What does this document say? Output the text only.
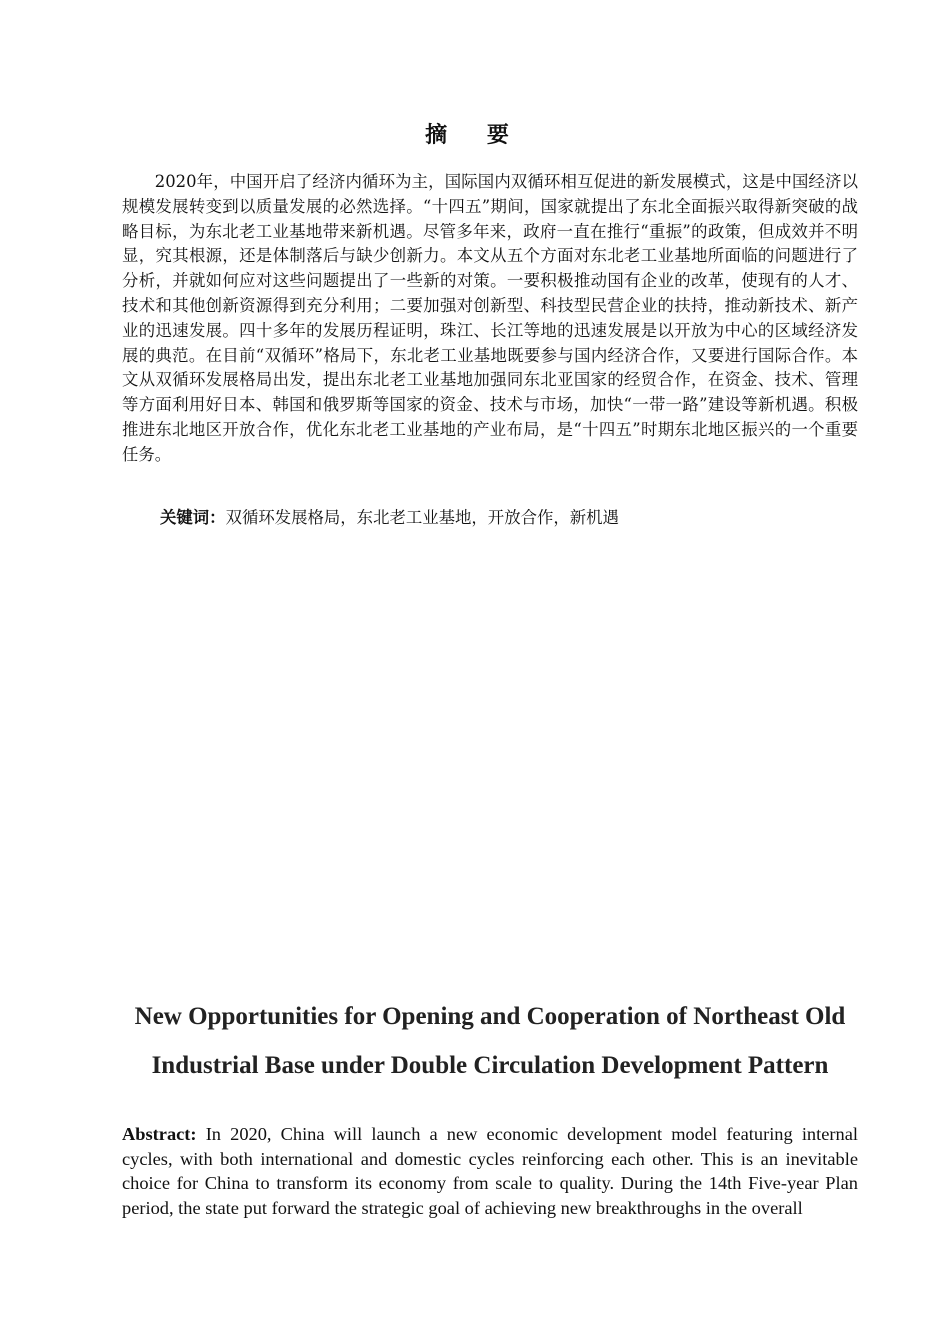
摘 要

2020年，中国开启了经济内循环为主，国际国内双循环相互促进的新发展模式，这是中国经济以规模发展转变到以质量发展的必然选择。“十四五”期间，国家就提出了东北全面振兴取得新突破的战略目标，为东北老工业基地带来新机遇。尽管多年来，政府一直在推行“重振”的政策，但成效并不明显，究其根源，还是体制落后与缺少创新力。本文从五个方面对东北老工业基地所面临的问题进行了分析，并就如何应对这些问题提出了一些新的对策。一要积极推动国有企业的改革，使现有的人才、技术和其他创新资源得到充分利用；二要加强对创新型、科技型民营企业的扶持，推动新技术、新产业的迅速发展。四十多年的发展历程证明，珠江、长江等地的迅速发展是以开放为中心的区域经济发展的典范。在目前“双循环”格局下，东北老工业基地既要参与国内经济合作，又要进行国际合作。本文从双循环发展格局出发，提出东北老工业基地加强同东北亚国家的经贸合作，在资金、技术、管理等方面利用好日本、韩国和俄罗斯等国家的资金、技术与市场，加快“一带一路”建设等新机遇。积极推进东北地区开放合作，优化东北老工业基地的产业布局，是“十四五”时期东北地区振兴的一个重要任务。

关键词：双循环发展格局，东北老工业基地，开放合作，新机遇

New Opportunities for Opening and Cooperation of Northeast Old
Industrial Base under Double Circulation Development Pattern

Abstract: In 2020, China will launch a new economic development model featuring internal cycles, with both international and domestic cycles reinforcing each other. This is an inevitable choice for China to transform its economy from scale to quality. During the 14th Five-year Plan period, the state put forward the strategic goal of achieving new breakthroughs in the overall
